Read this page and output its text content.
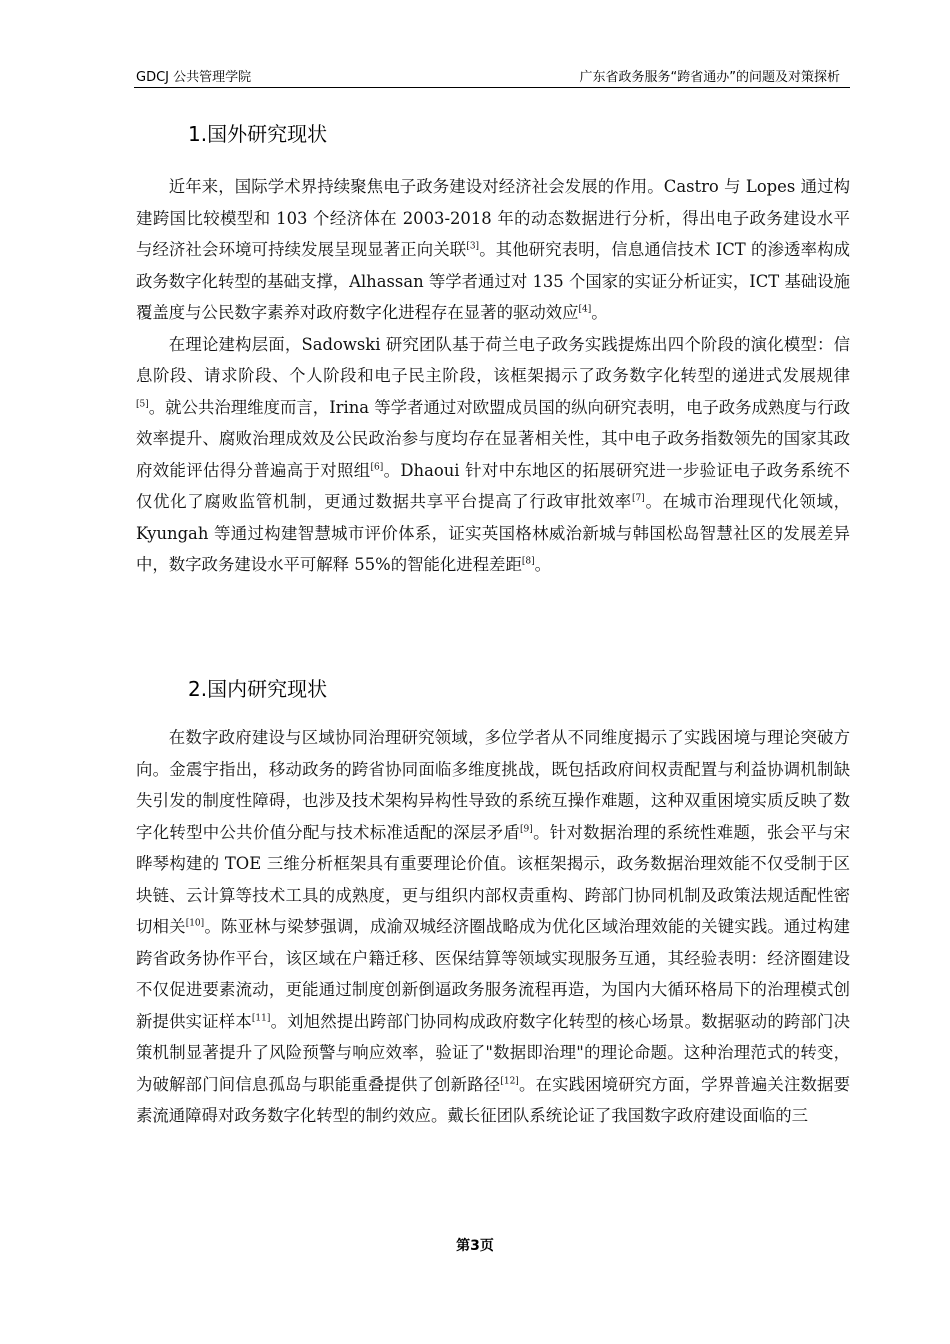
GDCJ 公共管理学院	广东省政务服务“跨省通办”的问题及对策探析
1.国外研究现状

近年来，国际学术界持续聚焦电子政务建设对经济社会发展的作用。Castro 与 Lopes 通过构建跨国比较模型和 103 个经济体在 2003-2018 年的动态数据进行分析，得出电子政务建设水平与经济社会环境可持续发展呈现显著正向关联[3]。其他研究表明，信息通信技术 ICT 的渗透率构成政务数字化转型的基础支撑，Alhassan 等学者通过对 135 个国家的实证分析证实，ICT 基础设施覆盖度与公民数字素养对政府数字化进程存在显著的驱动效应[4]。

在理论建构层面，Sadowski 研究团队基于荷兰电子政务实践提炼出四个阶段的演化模型：信息阶段、请求阶段、个人阶段和电子民主阶段，该框架揭示了政务数字化转型的递进式发展规律[5]。就公共治理维度而言，Irina 等学者通过对欧盟成员国的纵向研究表明，电子政务成熟度与行政效率提升、腐败治理成效及公民政治参与度均存在显著相关性，其中电子政务指数领先的国家其政府效能评估得分普遍高于对照组[6]。Dhaoui 针对中东地区的拓展研究进一步验证电子政务系统不仅优化了腐败监管机制，更通过数据共享平台提高了行政审批效率[7]。在城市治理现代化领域，Kyungah 等通过构建智慧城市评价体系，证实英国格林威治新城与韩国松岛智慧社区的发展差异中，数字政务建设水平可解释 55%的智能化进程差距[8]。

2.国内研究现状

在数字政府建设与区域协同治理研究领域，多位学者从不同维度揭示了实践困境与理论突破方向。金震宇指出，移动政务的跨省协同面临多维度挑战，既包括政府间权责配置与利益协调机制缺失引发的制度性障碍，也涉及技术架构异构性导致的系统互操作难题，这种双重困境实质反映了数字化转型中公共价值分配与技术标准适配的深层矛盾[9]。针对数据治理的系统性难题，张会平与宋晔琴构建的 TOE 三维分析框架具有重要理论价值。该框架揭示，政务数据治理效能不仅受制于区块链、云计算等技术工具的成熟度，更与组织内部权责重构、跨部门协同机制及政策法规适配性密切相关[10]。陈亚林与梁梦强调，成渝双城经济圈战略成为优化区域治理效能的关键实践。通过构建跨省政务协作平台，该区域在户籍迁移、医保结算等领域实现服务互通，其经验表明：经济圈建设不仅促进要素流动，更能通过制度创新倒逼政务服务流程再造，为国内大循环格局下的治理模式创新提供实证样本[11]。刘旭然提出跨部门协同构成政府数字化转型的核心场景。数据驱动的跨部门决策机制显著提升了风险预警与响应效率，验证了"数据即治理"的理论命题。这种治理范式的转变，为破解部门间信息孤岛与职能重叠提供了创新路径[12]。在实践困境研究方面，学界普遍关注数据要素流通障碍对政务数字化转型的制约效应。戴长征团队系统论证了我国数字政府建设面临的三

第3页
